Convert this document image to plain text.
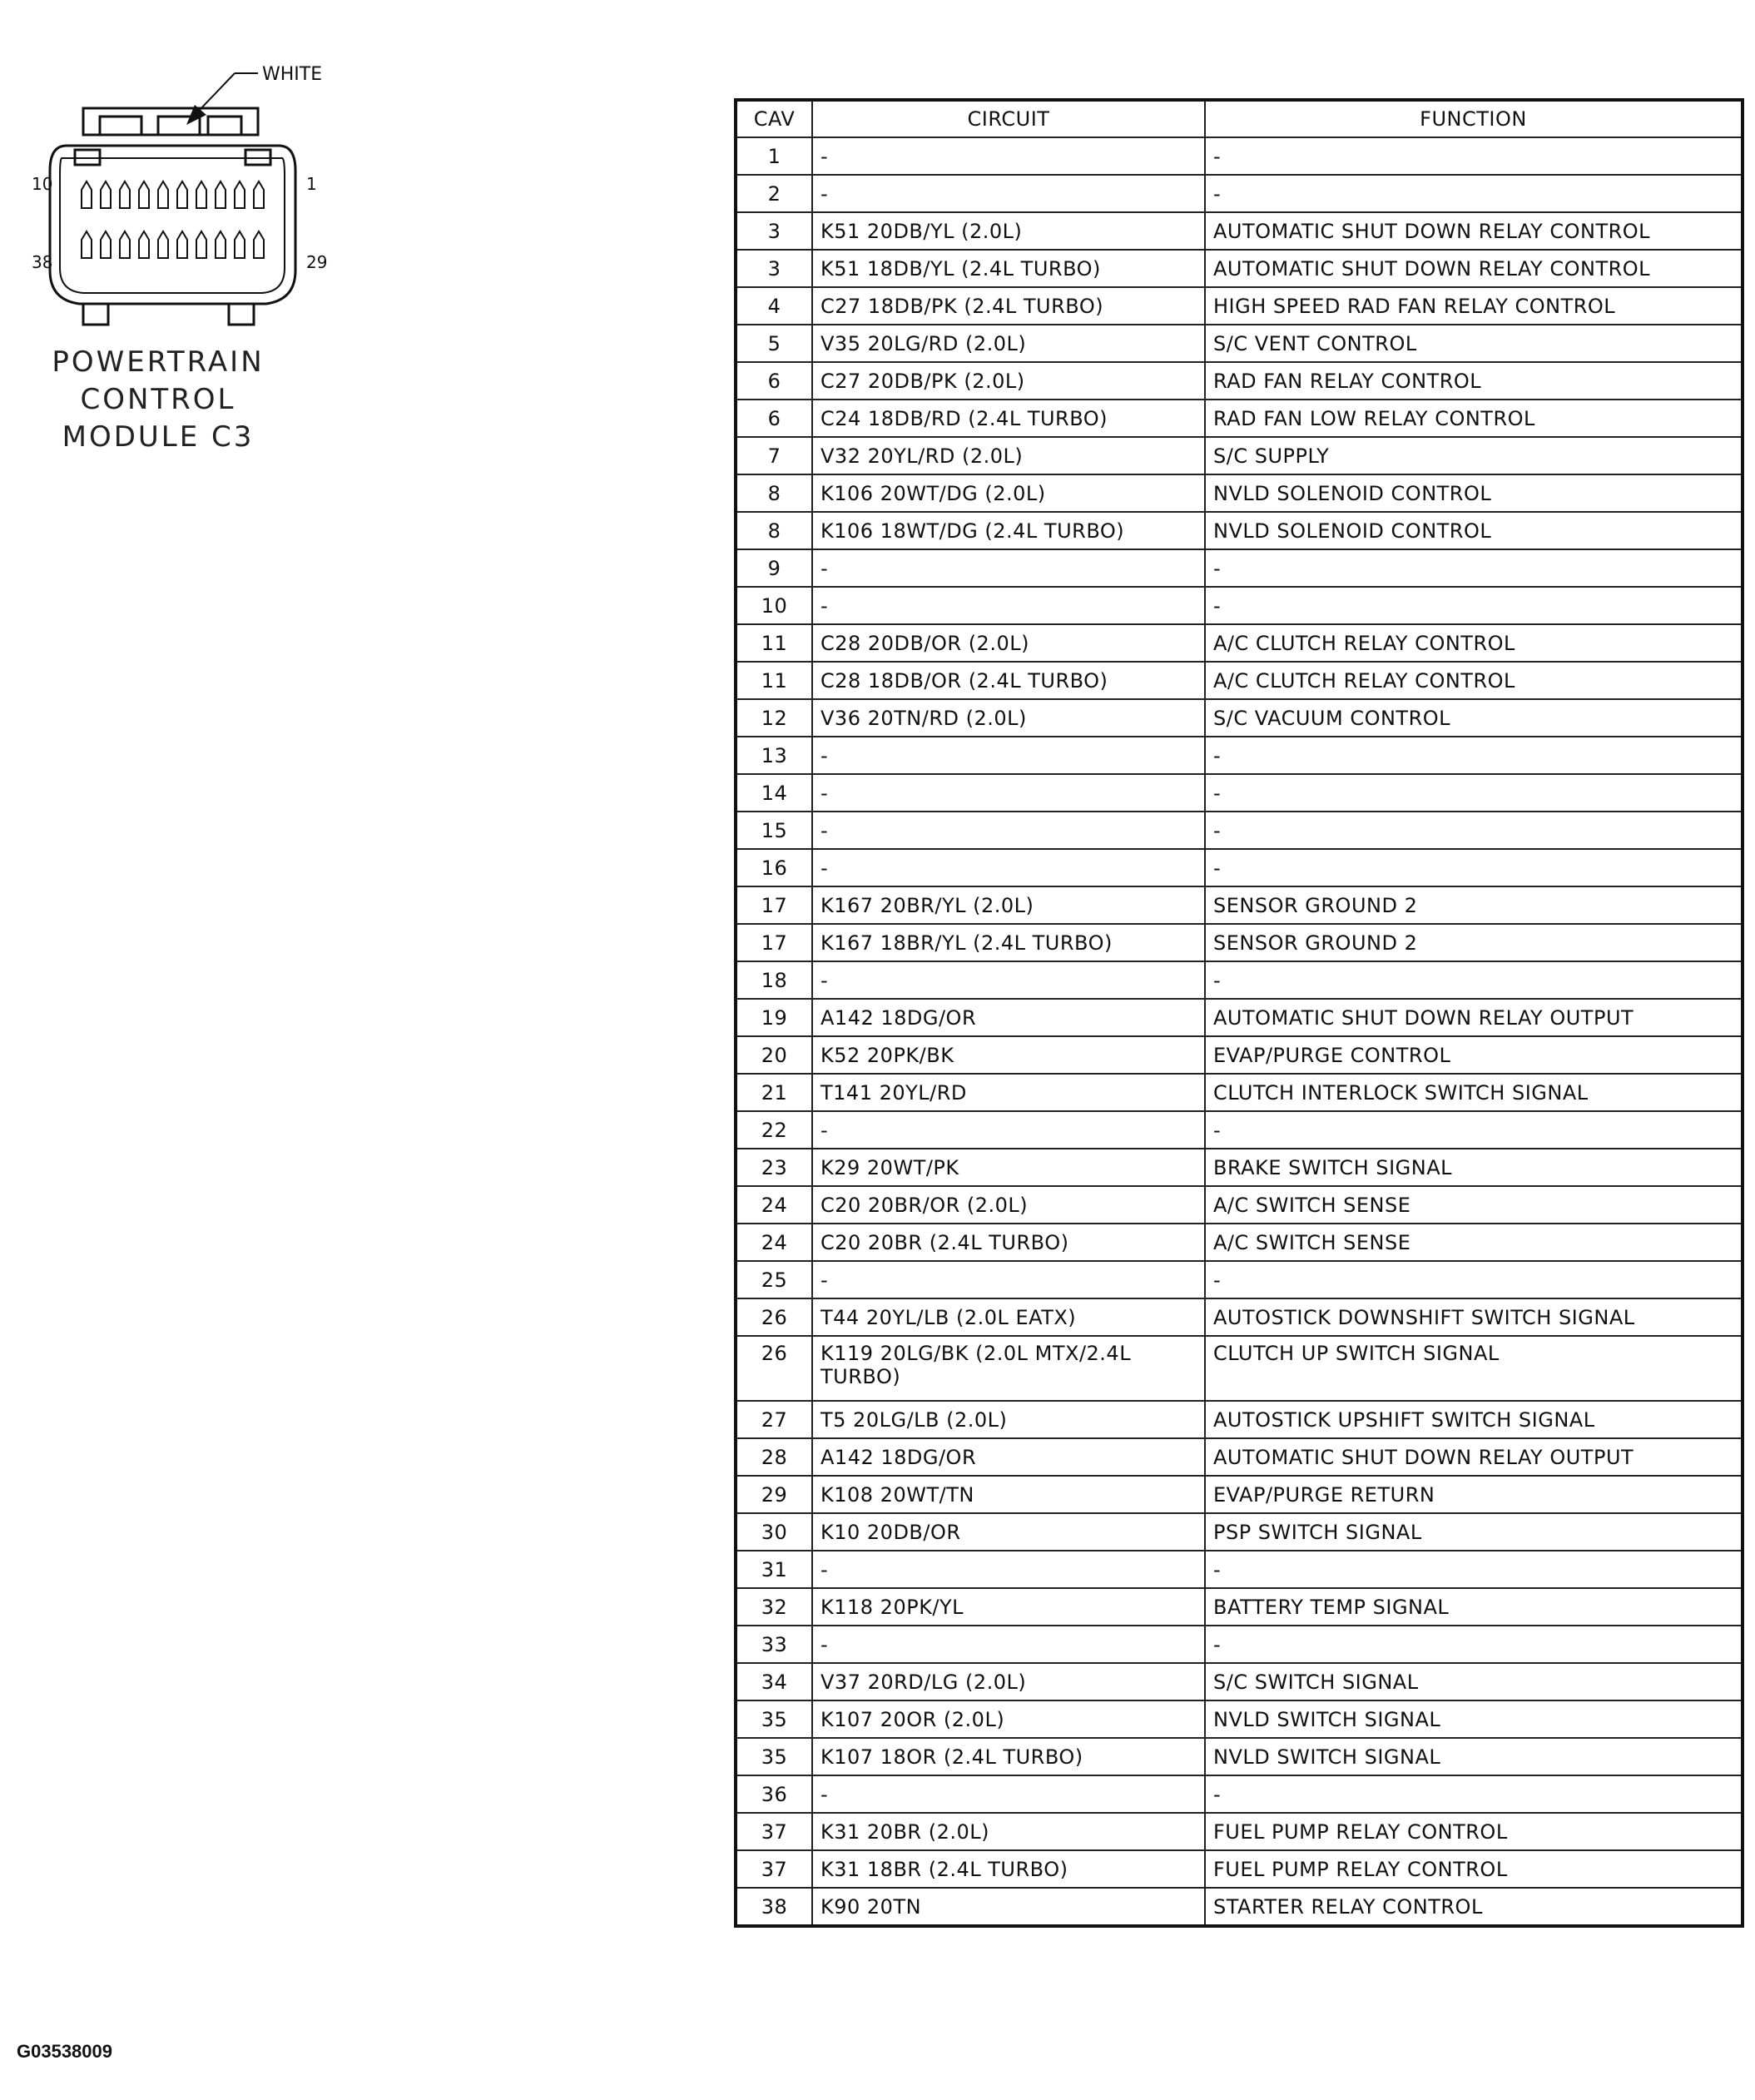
WHITE
10	1
38	29
POWERTRAIN
CONTROL
MODULE C3
CAV	CIRCUIT	FUNCTION
1	-	-
2	-	-
3	K51 20DB/YL (2.0L)	AUTOMATIC SHUT DOWN RELAY CONTROL
3	K51 18DB/YL (2.4L TURBO)	AUTOMATIC SHUT DOWN RELAY CONTROL
4	C27 18DB/PK (2.4L TURBO)	HIGH SPEED RAD FAN RELAY CONTROL
5	V35 20LG/RD (2.0L)	S/C VENT CONTROL
6	C27 20DB/PK (2.0L)	RAD FAN RELAY CONTROL
6	C24 18DB/RD (2.4L TURBO)	RAD FAN LOW RELAY CONTROL
7	V32 20YL/RD (2.0L)	S/C SUPPLY
8	K106 20WT/DG (2.0L)	NVLD SOLENOID CONTROL
8	K106 18WT/DG (2.4L TURBO)	NVLD SOLENOID CONTROL
9	-	-
10	-	-
11	C28 20DB/OR (2.0L)	A/C CLUTCH RELAY CONTROL
11	C28 18DB/OR (2.4L TURBO)	A/C CLUTCH RELAY CONTROL
12	V36 20TN/RD (2.0L)	S/C VACUUM CONTROL
13	-	-
14	-	-
15	-	-
16	-	-
17	K167 20BR/YL (2.0L)	SENSOR GROUND 2
17	K167 18BR/YL (2.4L TURBO)	SENSOR GROUND 2
18	-	-
19	A142 18DG/OR	AUTOMATIC SHUT DOWN RELAY OUTPUT
20	K52 20PK/BK	EVAP/PURGE CONTROL
21	T141 20YL/RD	CLUTCH INTERLOCK SWITCH SIGNAL
22	-	-
23	K29 20WT/PK	BRAKE SWITCH SIGNAL
24	C20 20BR/OR (2.0L)	A/C SWITCH SENSE
24	C20 20BR (2.4L TURBO)	A/C SWITCH SENSE
25	-	-
26	T44 20YL/LB (2.0L EATX)	AUTOSTICK DOWNSHIFT SWITCH SIGNAL
26	K119 20LG/BK (2.0L MTX/2.4L TURBO)	CLUTCH UP SWITCH SIGNAL
27	T5 20LG/LB (2.0L)	AUTOSTICK UPSHIFT SWITCH SIGNAL
28	A142 18DG/OR	AUTOMATIC SHUT DOWN RELAY OUTPUT
29	K108 20WT/TN	EVAP/PURGE RETURN
30	K10 20DB/OR	PSP SWITCH SIGNAL
31	-	-
32	K118 20PK/YL	BATTERY TEMP SIGNAL
33	-	-
34	V37 20RD/LG (2.0L)	S/C SWITCH SIGNAL
35	K107 20OR (2.0L)	NVLD SWITCH SIGNAL
35	K107 18OR (2.4L TURBO)	NVLD SWITCH SIGNAL
36	-	-
37	K31 20BR (2.0L)	FUEL PUMP RELAY CONTROL
37	K31 18BR (2.4L TURBO)	FUEL PUMP RELAY CONTROL
38	K90 20TN	STARTER RELAY CONTROL
G03538009
